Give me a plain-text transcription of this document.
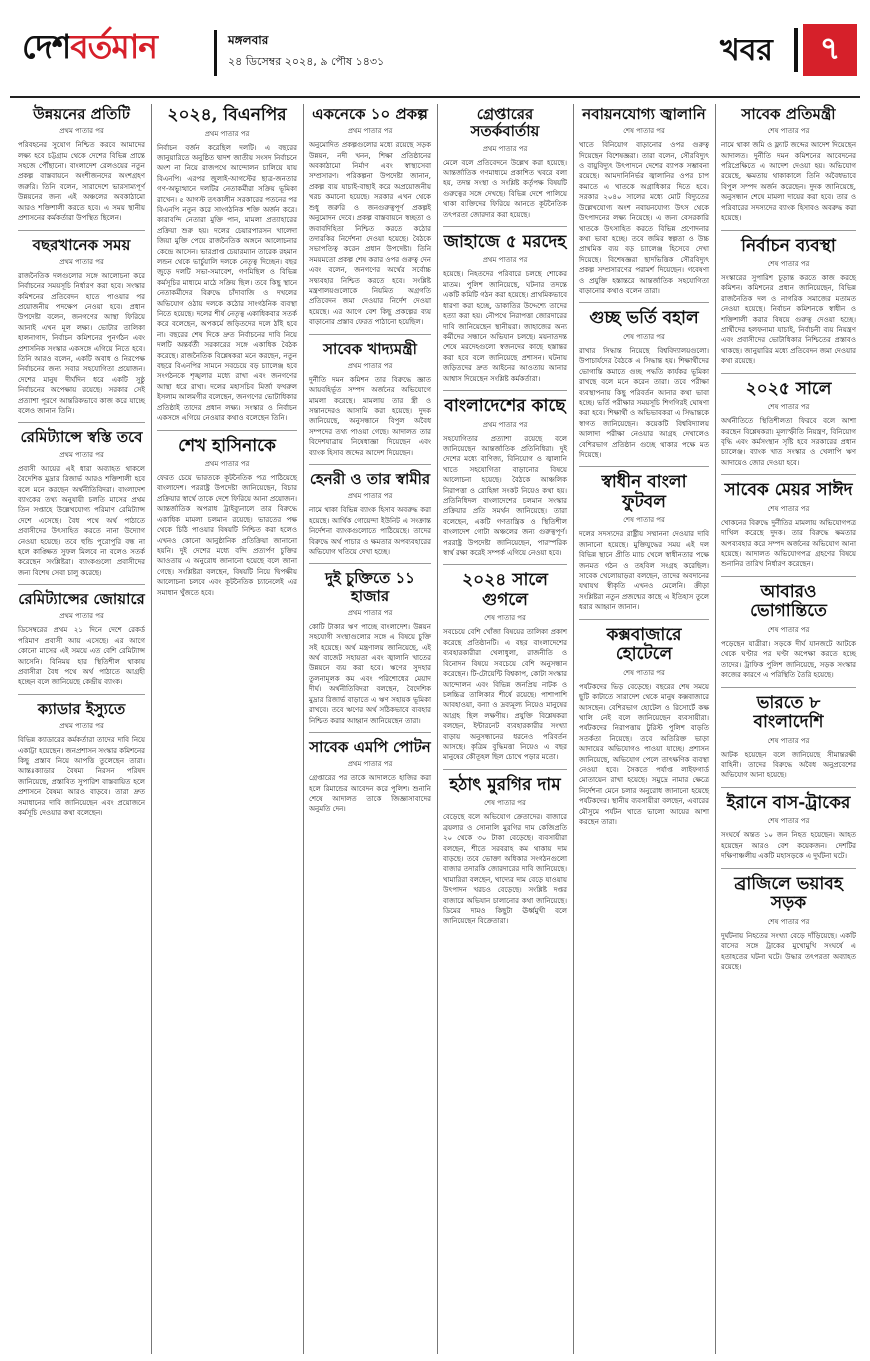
দেশ বর্তমান	মঙ্গলবার
২৪ ডিসেম্বর ২০২৪, ৯ পৌষ ১৪৩১	খবর	৭
উন্নয়নের প্রতিটি
প্রথম পাতার পর

পরিবহনের সুযোগ নিশ্চিত করবে আমাদের লক্ষ্য হবে চট্টগ্রাম থেকে দেশের বিভিন্ন প্রান্তে সহজে পৌঁছানো। বাংলাদেশ রেলওয়ের নতুন প্রকল্প বাস্তবায়নে অংশীজনদের অংশগ্রহণ জরুরি। তিনি বলেন, সারাদেশে ভারসাম্যপূর্ণ উন্নয়নের জন্য এই অঞ্চলের অবকাঠামো আরও শক্তিশালী করতে হবে। এ সময় স্থানীয় প্রশাসনের কর্মকর্তারা উপস্থিত ছিলেন।

বছরখানেক সময়
প্রথম পাতার পর

রাজনৈতিক দলগুলোর সঙ্গে আলোচনা করে নির্বাচনের সময়সূচি নির্ধারণ করা হবে। সংস্কার কমিশনের প্রতিবেদন হাতে পাওয়ার পর প্রয়োজনীয় পদক্ষেপ নেওয়া হবে। প্রধান উপদেষ্টা বলেন, জনগণের আস্থা ফিরিয়ে আনাই এখন মূল লক্ষ্য। ভোটার তালিকা হালনাগাদ, নির্বাচন কমিশনের পুনর্গঠন এবং প্রশাসনিক সংস্কার একসঙ্গে এগিয়ে নিতে হবে। তিনি আরও বলেন, একটি অবাধ ও নিরপেক্ষ নির্বাচনের জন্য সবার সহযোগিতা প্রয়োজন। দেশের মানুষ দীর্ঘদিন ধরে একটি সুষ্ঠু নির্বাচনের অপেক্ষায় রয়েছে। সরকার সেই প্রত্যাশা পূরণে আন্তরিকভাবে কাজ করে যাচ্ছে বলেও জানান তিনি।

রেমিট্যান্সে স্বস্তি তবে
প্রথম পাতার পর

প্রবাসী আয়ের এই ধারা অব্যাহত থাকলে বৈদেশিক মুদ্রার রিজার্ভ আরও শক্তিশালী হবে বলে মনে করছেন অর্থনীতিবিদরা। বাংলাদেশ ব্যাংকের তথ্য অনুযায়ী চলতি মাসের প্রথম তিন সপ্তাহে উল্লেখযোগ্য পরিমাণ রেমিট্যান্স দেশে এসেছে। বৈধ পথে অর্থ পাঠাতে প্রবাসীদের উৎসাহিত করতে নানা উদ্যোগ নেওয়া হয়েছে। তবে হুন্ডি পুরোপুরি বন্ধ না হলে কাঙ্ক্ষিত সুফল মিলবে না বলেও সতর্ক করেছেন সংশ্লিষ্টরা। ব্যাংকগুলো প্রবাসীদের জন্য বিশেষ সেবা চালু করেছে।

রেমিট্যান্সের জোয়ারে
প্রথম পাতার পর

ডিসেম্বরের প্রথম ২১ দিনে দেশে রেকর্ড পরিমাণ প্রবাসী আয় এসেছে। এর আগে কোনো মাসের এই সময়ে এত বেশি রেমিট্যান্স আসেনি। বিনিময় হার স্থিতিশীল থাকায় প্রবাসীরা বৈধ পথে অর্থ পাঠাতে আগ্রহী হচ্ছেন বলে জানিয়েছে কেন্দ্রীয় ব্যাংক।

ক্যাডার ইস্যুতে
প্রথম পাতার পর

বিভিন্ন ক্যাডারের কর্মকর্তারা তাদের দাবি নিয়ে একাট্টা হয়েছেন। জনপ্রশাসন সংস্কার কমিশনের কিছু প্রস্তাব নিয়ে আপত্তি তুলেছেন তারা। আন্তঃক্যাডার বৈষম্য নিরসন পরিষদ জানিয়েছে, প্রস্তাবিত সুপারিশ বাস্তবায়িত হলে প্রশাসনে বৈষম্য আরও বাড়বে। তারা দ্রুত সমাধানের দাবি জানিয়েছেন এবং প্রয়োজনে কর্মসূচি দেওয়ার কথা বলেছেন।

২০২৪, বিএনপির
প্রথম পাতার পর

নির্বাচন বর্জন করেছিল দলটি। এ বছরের জানুয়ারিতে অনুষ্ঠিত দ্বাদশ জাতীয় সংসদ নির্বাচনে অংশ না নিয়ে রাজপথে আন্দোলন চালিয়ে যায় বিএনপি। এরপর জুলাই-আগস্টের ছাত্র-জনতার গণ-অভ্যুত্থানে দলটির নেতাকর্মীরা সক্রিয় ভূমিকা রাখেন। ৫ আগস্ট তৎকালীন সরকারের পতনের পর বিএনপি নতুন করে সাংগঠনিক শক্তি অর্জন করে। কারাবন্দি নেতারা মুক্তি পান, মামলা প্রত্যাহারের প্রক্রিয়া শুরু হয়। দলের চেয়ারপারসন খালেদা জিয়া মুক্তি পেয়ে রাজনৈতিক অঙ্গনে আলোচনার কেন্দ্রে আসেন। ভারপ্রাপ্ত চেয়ারম্যান তারেক রহমান লন্ডন থেকে ভার্চুয়ালি দলকে নেতৃত্ব দিচ্ছেন। বছর জুড়ে দলটি সভা-সমাবেশ, গণমিছিল ও বিভিন্ন কর্মসূচির মাধ্যমে মাঠে সক্রিয় ছিল। তবে কিছু স্থানে নেতাকর্মীদের বিরুদ্ধে চাঁদাবাজি ও দখলের অভিযোগ ওঠায় দলকে কঠোর সাংগঠনিক ব্যবস্থা নিতে হয়েছে। দলের শীর্ষ নেতৃত্ব একাধিকবার সতর্ক করে বলেছেন, অপকর্মে জড়িতদের দলে ঠাঁই হবে না। বছরের শেষ দিকে দ্রুত নির্বাচনের দাবি নিয়ে দলটি অন্তর্বর্তী সরকারের সঙ্গে একাধিক বৈঠক করেছে। রাজনৈতিক বিশ্লেষকরা মনে করছেন, নতুন বছরে বিএনপির সামনে সবচেয়ে বড় চ্যালেঞ্জ হবে সংগঠনকে শৃঙ্খলার মধ্যে রাখা এবং জনগণের আস্থা ধরে রাখা। দলের মহাসচিব মির্জা ফখরুল ইসলাম আলমগীর বলেছেন, জনগণের ভোটাধিকার প্রতিষ্ঠাই তাদের প্রধান লক্ষ্য। সংস্কার ও নির্বাচন একসঙ্গে এগিয়ে নেওয়ার কথাও বলেছেন তিনি।

শেখ হাসিনাকে
প্রথম পাতার পর

ফেরত চেয়ে ভারতকে কূটনৈতিক পত্র পাঠিয়েছে বাংলাদেশ। পররাষ্ট্র উপদেষ্টা জানিয়েছেন, বিচার প্রক্রিয়ার স্বার্থে তাকে দেশে ফিরিয়ে আনা প্রয়োজন। আন্তর্জাতিক অপরাধ ট্রাইব্যুনালে তার বিরুদ্ধে একাধিক মামলা চলমান রয়েছে। ভারতের পক্ষ থেকে চিঠি পাওয়ার বিষয়টি নিশ্চিত করা হলেও এখনও কোনো আনুষ্ঠানিক প্রতিক্রিয়া জানানো হয়নি। দুই দেশের মধ্যে বন্দি প্রত্যর্পণ চুক্তির আওতায় এ অনুরোধ জানানো হয়েছে বলে জানা গেছে। সংশ্লিষ্টরা বলছেন, বিষয়টি নিয়ে দ্বিপক্ষীয় আলোচনা চলবে এবং কূটনৈতিক চ্যানেলেই এর সমাধান খুঁজতে হবে।

একনেকে ১০ প্রকল্প
প্রথম পাতার পর

অনুমোদিত প্রকল্পগুলোর মধ্যে রয়েছে সড়ক উন্নয়ন, নদী খনন, শিক্ষা প্রতিষ্ঠানের অবকাঠামো নির্মাণ এবং স্বাস্থ্যসেবা সম্প্রসারণ। পরিকল্পনা উপদেষ্টা জানান, প্রকল্প ব্যয় যাচাই-বাছাই করে অপ্রয়োজনীয় খরচ কমানো হয়েছে। সরকার এখন থেকে শুধু জরুরি ও জনগুরুত্বপূর্ণ প্রকল্পই অনুমোদন দেবে। প্রকল্প বাস্তবায়নে স্বচ্ছতা ও জবাবদিহিতা নিশ্চিত করতে কঠোর তদারকির নির্দেশনা দেওয়া হয়েছে। বৈঠকে সভাপতিত্ব করেন প্রধান উপদেষ্টা। তিনি সময়মতো প্রকল্প শেষ করার ওপর গুরুত্ব দেন এবং বলেন, জনগণের অর্থের সর্বোচ্চ সদ্ব্যবহার নিশ্চিত করতে হবে। সংশ্লিষ্ট মন্ত্রণালয়গুলোকে নিয়মিত অগ্রগতি প্রতিবেদন জমা দেওয়ার নির্দেশ দেওয়া হয়েছে। এর আগে বেশ কিছু প্রকল্পের ব্যয় বাড়ানোর প্রস্তাব ফেরত পাঠানো হয়েছিল।

সাবেক খাদ্যমন্ত্রী
প্রথম পাতার পর

দুর্নীতি দমন কমিশন তার বিরুদ্ধে জ্ঞাত আয়বহির্ভূত সম্পদ অর্জনের অভিযোগে মামলা করেছে। মামলায় তার স্ত্রী ও সন্তানদেরও আসামি করা হয়েছে। দুদক জানিয়েছে, অনুসন্ধানে বিপুল অবৈধ সম্পদের তথ্য পাওয়া গেছে। আদালত তার বিদেশযাত্রায় নিষেধাজ্ঞা দিয়েছেন এবং ব্যাংক হিসাব জব্দের আদেশ দিয়েছেন।

হেনরী ও তার স্বামীর
প্রথম পাতার পর

নামে থাকা বিভিন্ন ব্যাংক হিসাব অবরুদ্ধ করা হয়েছে। আর্থিক গোয়েন্দা ইউনিট এ সংক্রান্ত নির্দেশনা ব্যাংকগুলোতে পাঠিয়েছে। তাদের বিরুদ্ধে অর্থ পাচার ও ক্ষমতার অপব্যবহারের অভিযোগ খতিয়ে দেখা হচ্ছে।

দুই চুক্তিতে ১১ হাজার
প্রথম পাতার পর

কোটি টাকার ঋণ পাচ্ছে বাংলাদেশ। উন্নয়ন সহযোগী সংস্থাগুলোর সঙ্গে এ বিষয়ে চুক্তি সই হয়েছে। অর্থ মন্ত্রণালয় জানিয়েছে, এই অর্থ বাজেট সহায়তা এবং জ্বালানি খাতের উন্নয়নে ব্যয় করা হবে। ঋণের সুদহার তুলনামূলক কম এবং পরিশোধের মেয়াদ দীর্ঘ। অর্থনীতিবিদরা বলছেন, বৈদেশিক মুদ্রার রিজার্ভ বাড়াতে এ ঋণ সহায়ক ভূমিকা রাখবে। তবে ঋণের অর্থ সঠিকভাবে ব্যবহার নিশ্চিত করার আহ্বান জানিয়েছেন তারা।

সাবেক এমপি পোটন
প্রথম পাতার পর

গ্রেপ্তারের পর তাকে আদালতে হাজির করা হলে রিমান্ডের আবেদন করে পুলিশ। শুনানি শেষে আদালত তাকে জিজ্ঞাসাবাদের অনুমতি দেন।

গ্রেপ্তারের সতর্কবার্তায়
প্রথম পাতার পর

মেলে বলে প্রতিবেদনে উল্লেখ করা হয়েছে। আন্তর্জাতিক গণমাধ্যমে প্রকাশিত খবরে বলা হয়, তদন্ত সংস্থা ও সংশ্লিষ্ট কর্তৃপক্ষ বিষয়টি গুরুত্বের সঙ্গে দেখছে। বিভিন্ন দেশে পালিয়ে থাকা ব্যক্তিদের ফিরিয়ে আনতে কূটনৈতিক তৎপরতা জোরদার করা হয়েছে।

জাহাজে ৫ মরদেহ
প্রথম পাতার পর

হয়েছে। নিহতদের পরিবারে চলছে শোকের মাতম। পুলিশ জানিয়েছে, ঘটনার তদন্তে একটি কমিটি গঠন করা হয়েছে। প্রাথমিকভাবে ধারণা করা হচ্ছে, ডাকাতির উদ্দেশ্যে তাদের হত্যা করা হয়। নৌপথে নিরাপত্তা জোরদারের দাবি জানিয়েছেন স্থানীয়রা। জাহাজের অন্য কর্মীদের সন্ধানে অভিযান চলছে। ময়নাতদন্ত শেষে মরদেহগুলো স্বজনদের কাছে হস্তান্তর করা হবে বলে জানিয়েছে প্রশাসন। ঘটনায় জড়িতদের দ্রুত আইনের আওতায় আনার আশ্বাস দিয়েছেন সংশ্লিষ্ট কর্মকর্তারা।

বাংলাদেশের কাছে
প্রথম পাতার পর

সহযোগিতার প্রত্যাশা রয়েছে বলে জানিয়েছেন আন্তর্জাতিক প্রতিনিধিরা। দুই দেশের মধ্যে বাণিজ্য, বিনিয়োগ ও জ্বালানি খাতে সহযোগিতা বাড়ানোর বিষয়ে আলোচনা হয়েছে। বৈঠকে আঞ্চলিক নিরাপত্তা ও রোহিঙ্গা সংকট নিয়েও কথা হয়। প্রতিনিধিদল বাংলাদেশের চলমান সংস্কার প্রক্রিয়ার প্রতি সমর্থন জানিয়েছে। তারা বলেছেন, একটি গণতান্ত্রিক ও স্থিতিশীল বাংলাদেশ গোটা অঞ্চলের জন্য গুরুত্বপূর্ণ। পররাষ্ট্র উপদেষ্টা জানিয়েছেন, পারস্পরিক স্বার্থ রক্ষা করেই সম্পর্ক এগিয়ে নেওয়া হবে।

২০২৪ সালে গুগলে
শেষ পাতার পর

সবচেয়ে বেশি খোঁজা বিষয়ের তালিকা প্রকাশ করেছে প্রতিষ্ঠানটি। এ বছর বাংলাদেশের ব্যবহারকারীরা খেলাধুলা, রাজনীতি ও বিনোদন বিষয়ে সবচেয়ে বেশি অনুসন্ধান করেছেন। টি-টোয়েন্টি বিশ্বকাপ, কোটা সংস্কার আন্দোলন এবং বিভিন্ন জনপ্রিয় নাটক ও চলচ্চিত্র তালিকার শীর্ষে রয়েছে। পাশাপাশি আবহাওয়া, বন্যা ও দ্রব্যমূল্য নিয়েও মানুষের আগ্রহ ছিল লক্ষণীয়। প্রযুক্তি বিশ্লেষকরা বলছেন, ইন্টারনেট ব্যবহারকারীর সংখ্যা বাড়ায় অনুসন্ধানের ধরনেও পরিবর্তন আসছে। কৃত্রিম বুদ্ধিমত্তা নিয়েও এ বছর মানুষের কৌতূহল ছিল চোখে পড়ার মতো।

হঠাৎ মুরগির দাম
শেষ পাতার পর

বেড়েছে বলে অভিযোগ ক্রেতাদের। বাজারে ব্রয়লার ও সোনালি মুরগির দাম কেজিপ্রতি ২০ থেকে ৩০ টাকা বেড়েছে। ব্যবসায়ীরা বলছেন, শীতে সরবরাহ কম থাকায় দাম বাড়ছে। তবে ভোক্তা অধিকার সংগঠনগুলো বাজার তদারকি জোরদারের দাবি জানিয়েছে। খামারিরা বলছেন, খাদ্যের দাম বেড়ে যাওয়ায় উৎপাদন খরচও বেড়েছে। সংশ্লিষ্ট দপ্তর বাজারে অভিযান চালানোর কথা জানিয়েছে। ডিমের দামও কিছুটা ঊর্ধ্বমুখী বলে জানিয়েছেন বিক্রেতারা।

নবায়নযোগ্য জ্বালানি
শেষ পাতার পর

খাতে বিনিয়োগ বাড়ানোর ওপর গুরুত্ব দিয়েছেন বিশেষজ্ঞরা। তারা বলেন, সৌরবিদ্যুৎ ও বায়ুবিদ্যুৎ উৎপাদনে দেশের ব্যাপক সম্ভাবনা রয়েছে। আমদানিনির্ভর জ্বালানির ওপর চাপ কমাতে এ খাতকে অগ্রাধিকার দিতে হবে। সরকার ২০৪০ সালের মধ্যে মোট বিদ্যুতের উল্লেখযোগ্য অংশ নবায়নযোগ্য উৎস থেকে উৎপাদনের লক্ষ্য নিয়েছে। এ জন্য বেসরকারি খাতকে উৎসাহিত করতে বিভিন্ন প্রণোদনার কথা ভাবা হচ্ছে। তবে জমির স্বল্পতা ও উচ্চ প্রাথমিক ব্যয় বড় চ্যালেঞ্জ হিসেবে দেখা দিয়েছে। বিশেষজ্ঞরা ছাদভিত্তিক সৌরবিদ্যুৎ প্রকল্প সম্প্রসারণের পরামর্শ দিয়েছেন। গবেষণা ও প্রযুক্তি হস্তান্তরে আন্তর্জাতিক সহযোগিতা বাড়ানোর কথাও বলেন তারা।

গুচ্ছ ভর্তি বহাল
শেষ পাতার পর

রাখার সিদ্ধান্ত নিয়েছে বিশ্ববিদ্যালয়গুলো। উপাচার্যদের বৈঠকে এ সিদ্ধান্ত হয়। শিক্ষার্থীদের ভোগান্তি কমাতে গুচ্ছ পদ্ধতি কার্যকর ভূমিকা রাখছে বলে মনে করেন তারা। তবে পরীক্ষা ব্যবস্থাপনায় কিছু পরিবর্তন আনার কথা ভাবা হচ্ছে। ভর্তি পরীক্ষার সময়সূচি শিগগিরই ঘোষণা করা হবে। শিক্ষার্থী ও অভিভাবকরা এ সিদ্ধান্তকে স্বাগত জানিয়েছেন। কয়েকটি বিশ্ববিদ্যালয় আলাদা পরীক্ষা নেওয়ার আগ্রহ দেখালেও বেশিরভাগ প্রতিষ্ঠান গুচ্ছে থাকার পক্ষে মত দিয়েছে।

স্বাধীন বাংলা ফুটবল
শেষ পাতার পর

দলের সদস্যদের রাষ্ট্রীয় সম্মাননা দেওয়ার দাবি জানানো হয়েছে। মুক্তিযুদ্ধের সময় এই দল বিভিন্ন স্থানে প্রীতি ম্যাচ খেলে স্বাধীনতার পক্ষে জনমত গঠন ও তহবিল সংগ্রহ করেছিল। সাবেক খেলোয়াড়রা বলছেন, তাদের অবদানের যথাযথ স্বীকৃতি এখনও মেলেনি। ক্রীড়া সংশ্লিষ্টরা নতুন প্রজন্মের কাছে এ ইতিহাস তুলে ধরার আহ্বান জানান।

কক্সবাজারে হোটেলে
শেষ পাতার পর

পর্যটকদের ভিড় বেড়েছে। বছরের শেষ সময়ে ছুটি কাটাতে সারাদেশ থেকে মানুষ কক্সবাজারে আসছেন। বেশিরভাগ হোটেল ও রিসোর্টে কক্ষ খালি নেই বলে জানিয়েছেন ব্যবসায়ীরা। পর্যটকদের নিরাপত্তায় টুরিস্ট পুলিশ বাড়তি সতর্কতা নিয়েছে। তবে অতিরিক্ত ভাড়া আদায়ের অভিযোগও পাওয়া যাচ্ছে। প্রশাসন জানিয়েছে, অভিযোগ পেলে তাৎক্ষণিক ব্যবস্থা নেওয়া হবে। সৈকতে পর্যাপ্ত লাইফগার্ড মোতায়েন রাখা হয়েছে। সমুদ্রে নামার ক্ষেত্রে নির্দেশনা মেনে চলার অনুরোধ জানানো হয়েছে পর্যটকদের। স্থানীয় ব্যবসায়ীরা বলছেন, এবারের মৌসুমে পর্যটন খাতে ভালো আয়ের আশা করছেন তারা।

সাবেক প্রতিমন্ত্রী
শেষ পাতার পর

নামে থাকা জমি ও ফ্ল্যাট জব্দের আদেশ দিয়েছেন আদালত। দুর্নীতি দমন কমিশনের আবেদনের পরিপ্রেক্ষিতে এ আদেশ দেওয়া হয়। অভিযোগ রয়েছে, ক্ষমতায় থাকাকালে তিনি অবৈধভাবে বিপুল সম্পদ অর্জন করেছেন। দুদক জানিয়েছে, অনুসন্ধান শেষে মামলা দায়ের করা হবে। তার ও পরিবারের সদস্যদের ব্যাংক হিসাবও অবরুদ্ধ করা হয়েছে।

নির্বাচন ব্যবস্থা
শেষ পাতার পর

সংস্কারের সুপারিশ চূড়ান্ত করতে কাজ করছে কমিশন। কমিশনের প্রধান জানিয়েছেন, বিভিন্ন রাজনৈতিক দল ও নাগরিক সমাজের মতামত নেওয়া হয়েছে। নির্বাচন কমিশনকে স্বাধীন ও শক্তিশালী করার বিষয়ে গুরুত্ব দেওয়া হচ্ছে। প্রার্থীদের হলফনামা যাচাই, নির্বাচনী ব্যয় নিয়ন্ত্রণ এবং প্রবাসীদের ভোটাধিকার নিশ্চিতের প্রস্তাবও থাকছে। জানুয়ারির মধ্যে প্রতিবেদন জমা দেওয়ার কথা রয়েছে।

২০২৫ সালে
শেষ পাতার পর

অর্থনীতিতে স্থিতিশীলতা ফিরবে বলে আশা করছেন বিশ্লেষকরা। মূল্যস্ফীতি নিয়ন্ত্রণ, বিনিয়োগ বৃদ্ধি এবং কর্মসংস্থান সৃষ্টি হবে সরকারের প্রধান চ্যালেঞ্জ। ব্যাংক খাত সংস্কার ও খেলাপি ঋণ আদায়েও জোর দেওয়া হবে।

সাবেক মেয়র সাঈদ
শেষ পাতার পর

খোকনের বিরুদ্ধে দুর্নীতির মামলায় অভিযোগপত্র দাখিল করেছে দুদক। তার বিরুদ্ধে ক্ষমতার অপব্যবহার করে সম্পদ অর্জনের অভিযোগ আনা হয়েছে। আদালত অভিযোগপত্র গ্রহণের বিষয়ে শুনানির তারিখ নির্ধারণ করেছেন।

আবারও ভোগান্তিতে
শেষ পাতার পর

পড়েছেন যাত্রীরা। সড়কে দীর্ঘ যানজটে আটকে থেকে ঘণ্টার পর ঘণ্টা অপেক্ষা করতে হচ্ছে তাদের। ট্রাফিক পুলিশ জানিয়েছে, সড়ক সংস্কার কাজের কারণে এ পরিস্থিতি তৈরি হয়েছে।

ভারতে ৮ বাংলাদেশি
শেষ পাতার পর

আটক হয়েছেন বলে জানিয়েছে সীমান্তরক্ষী বাহিনী। তাদের বিরুদ্ধে অবৈধ অনুপ্রবেশের অভিযোগ আনা হয়েছে।

ইরানে বাস-ট্রাকের
শেষ পাতার পর

সংঘর্ষে অন্তত ১০ জন নিহত হয়েছেন। আহত হয়েছেন আরও বেশ কয়েকজন। দেশটির দক্ষিণাঞ্চলীয় একটি মহাসড়কে এ দুর্ঘটনা ঘটে।

ব্রাজিলে ভয়াবহ সড়ক
শেষ পাতার পর

দুর্ঘটনায় নিহতের সংখ্যা বেড়ে দাঁড়িয়েছে। একটি বাসের সঙ্গে ট্রাকের মুখোমুখি সংঘর্ষে এ হতাহতের ঘটনা ঘটে। উদ্ধার তৎপরতা অব্যাহত রয়েছে।
